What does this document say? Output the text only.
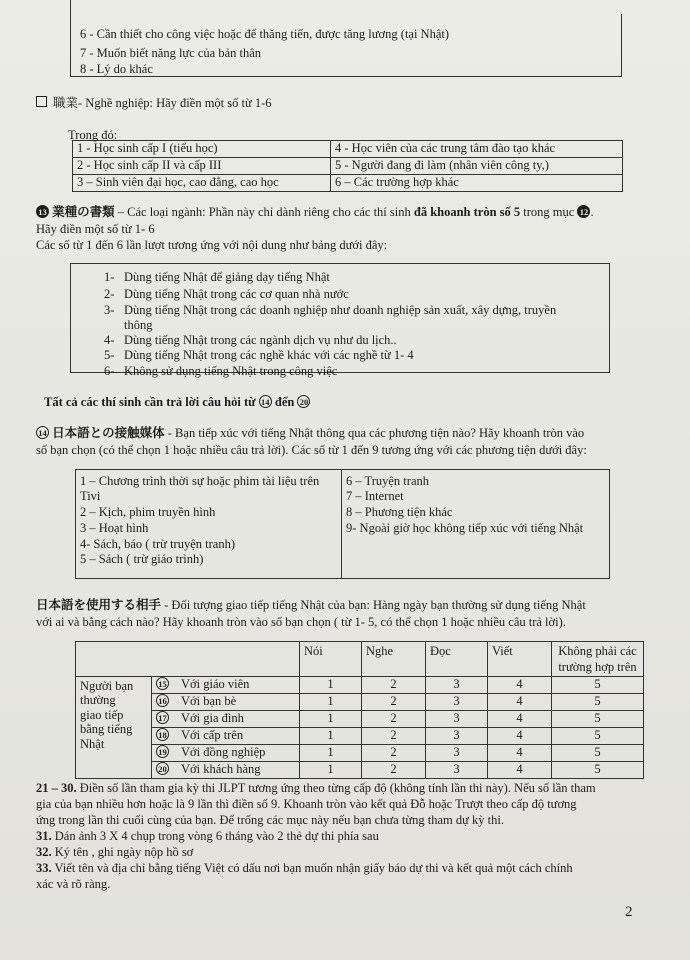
6 - Cần thiết cho công việc hoặc để thăng tiến, được tăng lương (tại Nhật)
7 - Muốn biết năng lực của bản thân
8 - Lý do khác
職業- Nghề nghiệp: Hãy điền một số từ 1-6
Trong đó:
1 - Học sinh cấp I (tiểu học)	4 - Học viên của các trung tâm đào tạo khác
2 - Học sinh cấp II và cấp III	5 - Người đang đi làm (nhân viên công ty,)
3 – Sinh viên đại học, cao đẳng, cao học	6 – Các trường hợp khác
13 業種の書類 – Các loại ngành: Phần này chỉ dành riêng cho các thí sinh đã khoanh tròn số 5 trong mục 12 .
Hãy điền một số từ 1- 6
Các số từ 1 đến 6 lần lượt tương ứng với nội dung như bảng dưới đây:
1- Dùng tiếng Nhật để giảng dạy tiếng Nhật
2- Dùng tiếng Nhật trong các cơ quan nhà nước
3- Dùng tiếng Nhật trong các doanh nghiệp như doanh nghiệp sản xuất, xây dựng, truyền
thông
4- Dùng tiếng Nhật trong các ngành dịch vụ như du lịch..
5- Dùng tiếng Nhật trong các nghề khác với các nghề từ 1- 4
6- Không sử dụng tiếng Nhật trong công việc
Tất cả các thí sinh cần trả lời câu hỏi từ 14 đến 20
14 日本語との接触媒体 - Bạn tiếp xúc với tiếng Nhật thông qua các phương tiện nào? Hãy khoanh tròn vào
số bạn chọn (có thể chọn 1 hoặc nhiều câu trả lời). Các số từ 1 đến 9 tương ứng với các phương tiện dưới đây:
1 – Chương trình thời sự hoặc phim tài liệu trên
Tivi
2 – Kịch, phim truyền hình
3 – Hoạt hình
4- Sách, báo ( trừ truyện tranh)
5 – Sách ( trừ giáo trình)
6 – Truyện tranh
7 – Internet
8 – Phương tiện khác
9- Ngoài giờ học không tiếp xúc với tiếng Nhật
日本語を使用する相手 - Đối tượng giao tiếp tiếng Nhật của bạn: Hàng ngày bạn thường sử dụng tiếng Nhật
với ai và bằng cách nào? Hãy khoanh tròn vào số bạn chọn ( từ 1- 5, có thể chọn 1 hoặc nhiều câu trả lời).
		Nói	Nghe	Đọc	Viết	Không phải các
trường hợp trên

Người bạn
thường
giao tiếp
bằng tiếng
Nhật	15 Với giáo viên	1	2	3	4	5
	16 Với bạn bè	1	2	3	4	5
	17 Với gia đình	1	2	3	4	5
	18 Với cấp trên	1	2	3	4	5
	19 Với đồng nghiệp	1	2	3	4	5
	20 Với khách hàng	1	2	3	4	5
21 – 30. Điền số lần tham gia kỳ thi JLPT tương ứng theo từng cấp độ (không tính lần thi này). Nếu số lần tham
gia của bạn nhiều hơn hoặc là 9 lần thì điền số 9. Khoanh tròn vào kết quả Đỗ hoặc Trượt theo cấp độ tương
ứng trong lần thi cuối cùng của bạn. Để trống các mục này nếu bạn chưa từng tham dự kỳ thi.
31. Dán ảnh 3 X 4 chụp trong vòng 6 tháng vào 2 thẻ dự thi phía sau
32. Ký tên , ghi ngày nộp hồ sơ
33. Viết tên và địa chỉ bằng tiếng Việt có dấu nơi bạn muốn nhận giấy báo dự thi và kết quả một cách chính
xác và rõ ràng.
2
